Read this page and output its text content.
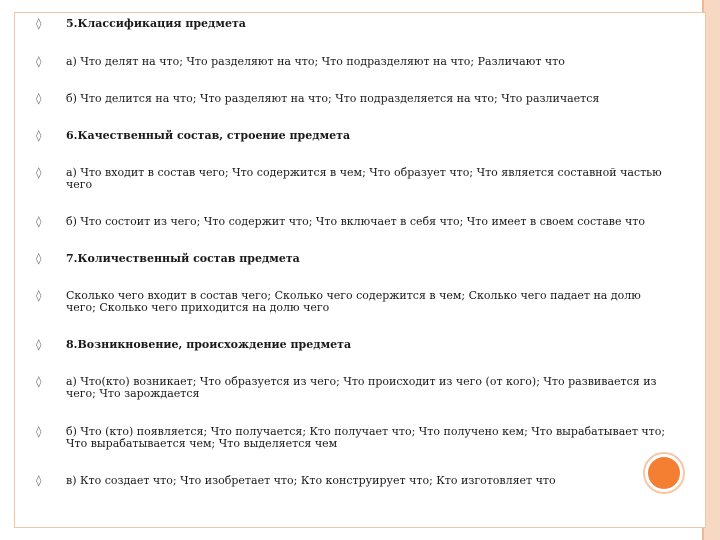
◊ 5.Классификация предмета
◊ а) Что делят на что; Что разделяют на что; Что подразделяют на что; Различают что
◊ б) Что делится на что; Что разделяют на что; Что подразделяется на что; Что различается
◊ 6.Качественный состав, строение предмета
◊ а) Что входит в состав чего; Что содержится в чем; Что образует что; Что является составной частью чего
◊ б) Что состоит из чего; Что содержит что; Что включает в себя что; Что имеет в своем составе что
◊ 7.Количественный состав предмета
◊ Сколько чего входит в состав чего; Сколько чего содержится в чем; Сколько чего падает на долю чего; Сколько чего приходится на долю чего
◊ 8.Возникновение, происхождение предмета
◊ а) Что(кто) возникает; Что образуется из чего; Что происходит из чего (от кого); Что развивается из чего; Что зарождается
◊ б) Что (кто) появляется; Что получается; Кто получает что; Что получено кем; Что вырабатывает что; Что вырабатывается чем; Что выделяется чем
◊ в) Кто создает что; Что изобретает что; Кто конструирует что; Кто изготовляет что
